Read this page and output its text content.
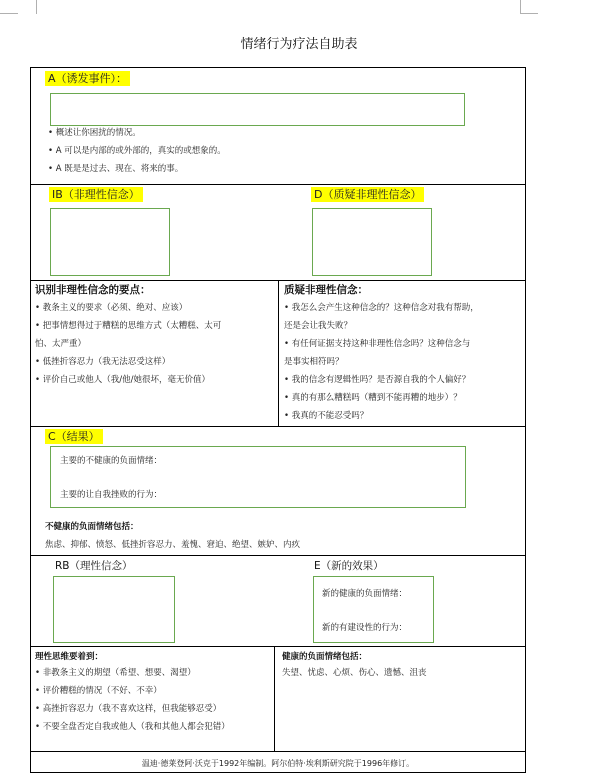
情绪行为疗法自助表
A（诱发事件）：
• 概述让你困扰的情况。
• A 可以是内部的或外部的，真实的或想象的。
• A 既是是过去、现在、将来的事。
IB（非理性信念）	D（质疑非理性信念）
识别非理性信念的要点：
• 教条主义的要求（必须、绝对、应该）
• 把事情想得过于糟糕的思维方式（太糟糕、太可
怕、太严重）
• 低挫折容忍力（我无法忍受这样）
• 评价自己或他人（我/他/她很坏，毫无价值）
质疑非理性信念：
• 我怎么会产生这种信念的？这种信念对我有帮助，
还是会让我失败？
• 有任何证据支持这种非理性信念吗？这种信念与
是事实相符吗？
• 我的信念有逻辑性吗？是否源自我的个人偏好？
• 真的有那么糟糕吗（糟到不能再糟的地步）？
• 我真的不能忍受吗？
C（结果）
主要的不健康的负面情绪：
主要的让自我挫败的行为：
不健康的负面情绪包括：
焦虑、抑郁、愤怒、低挫折容忍力、羞愧、窘迫、绝望、嫉妒、内疚
RB（理性信念）	E（新的效果）
新的健康的负面情绪：
新的有建设性的行为：
理性思维要着到：
• 非教条主义的期望（希望、想要、渴望）
• 评价糟糕的情况（不好、不幸）
• 高挫折容忍力（我不喜欢这样，但我能够忍受）
• 不要全盘否定自我或他人（我和其他人都会犯错）
健康的负面情绪包括：
失望、忧虑、心烦、伤心、遗憾、沮丧
温迪·德莱登阿·沃克于1992年编制。阿尔伯特·埃利斯研究院于1996年修订。
